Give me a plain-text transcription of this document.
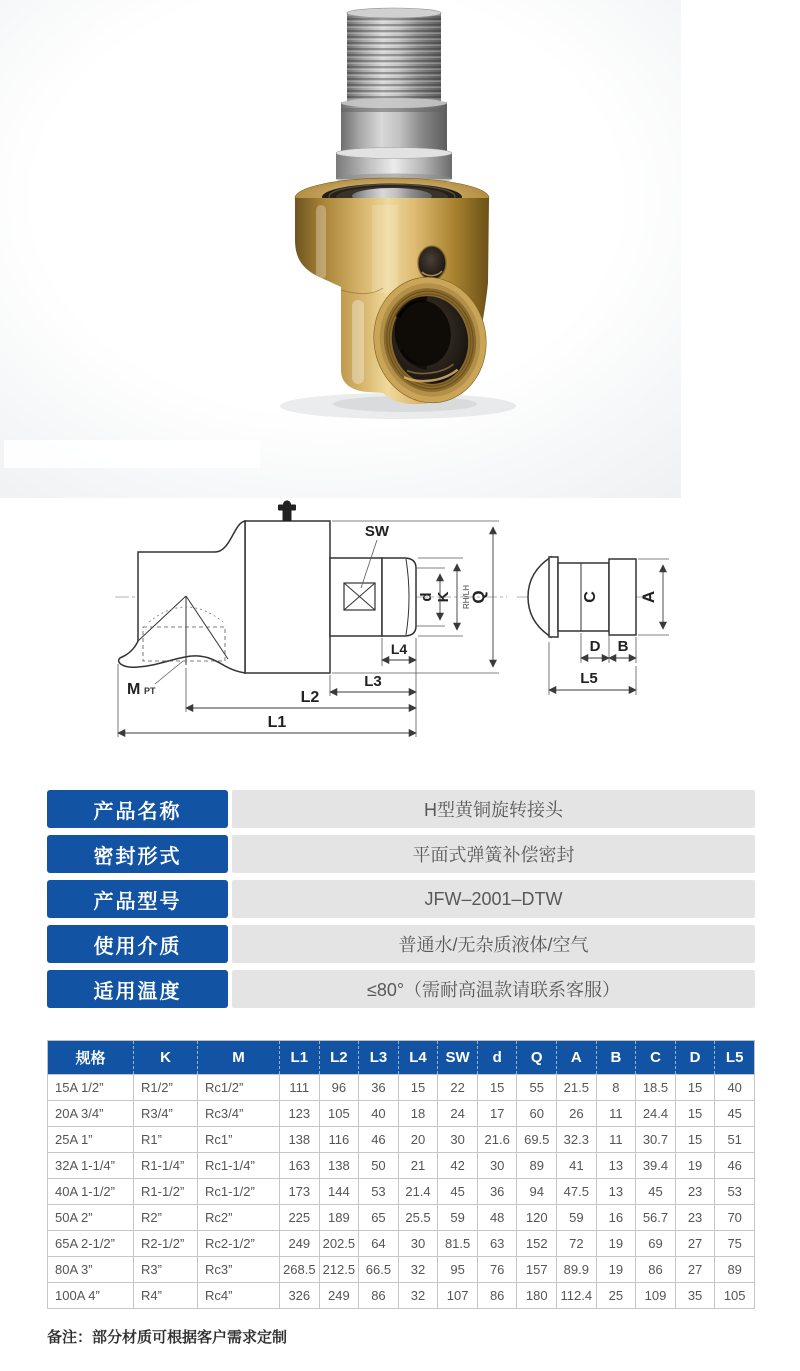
SW
Q
RH/LH
K
d
L4
L3
L2
L1
M PT
C A
D B
L5
产品名称	H型黄铜旋转接头
密封形式	平面式弹簧补偿密封
产品型号	JFW–2001–DTW
使用介质	普通水/无杂质液体/空气
适用温度	≤80°（需耐高温款请联系客服）
规格	K	M	L1	L2	L3	L4	SW	d	Q	A	B	C	D	L5
15A 1/2”	R1/2”	Rc1/2”	111	96	36	15	22	15	55	21.5	8	18.5	15	40
20A 3/4”	R3/4”	Rc3/4”	123	105	40	18	24	17	60	26	11	24.4	15	45
25A 1”	R1”	Rc1”	138	116	46	20	30	21.6	69.5	32.3	11	30.7	15	51
32A 1-1/4”	R1-1/4”	Rc1-1/4”	163	138	50	21	42	30	89	41	13	39.4	19	46
40A 1-1/2”	R1-1/2”	Rc1-1/2”	173	144	53	21.4	45	36	94	47.5	13	45	23	53
50A 2”	R2”	Rc2”	225	189	65	25.5	59	48	120	59	16	56.7	23	70
65A 2-1/2”	R2-1/2”	Rc2-1/2”	249	202.5	64	30	81.5	63	152	72	19	69	27	75
80A 3”	R3”	Rc3”	268.5	212.5	66.5	32	95	76	157	89.9	19	86	27	89
100A 4”	R4”	Rc4”	326	249	86	32	107	86	180	112.4	25	109	35	105

备注：部分材质可根据客户需求定制
